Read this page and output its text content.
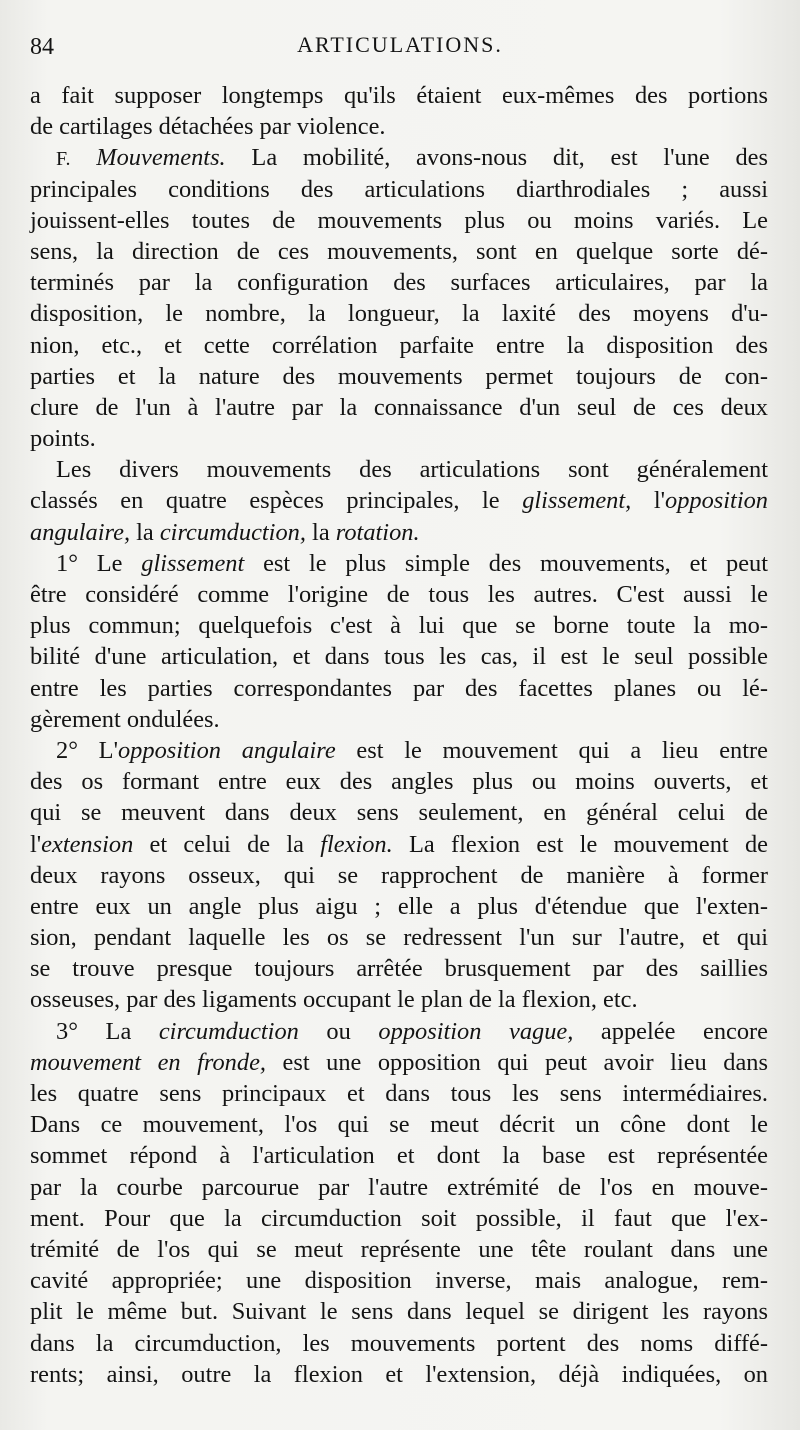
84	ARTICULATIONS.
a fait supposer longtemps qu'ils étaient eux-mêmes des portions
de cartilages détachées par violence.
F. Mouvements. La mobilité, avons-nous dit, est l'une des
principales conditions des articulations diarthrodiales ; aussi
jouissent-elles toutes de mouvements plus ou moins variés. Le
sens, la direction de ces mouvements, sont en quelque sorte dé-
terminés par la configuration des surfaces articulaires, par la
disposition, le nombre, la longueur, la laxité des moyens d'u-
nion, etc., et cette corrélation parfaite entre la disposition des
parties et la nature des mouvements permet toujours de con-
clure de l'un à l'autre par la connaissance d'un seul de ces deux
points.
Les divers mouvements des articulations sont généralement
classés en quatre espèces principales, le glissement, l'opposition
angulaire, la circumduction, la rotation.
1° Le glissement est le plus simple des mouvements, et peut
être considéré comme l'origine de tous les autres. C'est aussi le
plus commun; quelquefois c'est à lui que se borne toute la mo-
bilité d'une articulation, et dans tous les cas, il est le seul possible
entre les parties correspondantes par des facettes planes ou lé-
gèrement ondulées.
2° L'opposition angulaire est le mouvement qui a lieu entre
des os formant entre eux des angles plus ou moins ouverts, et
qui se meuvent dans deux sens seulement, en général celui de
l'extension et celui de la flexion. La flexion est le mouvement de
deux rayons osseux, qui se rapprochent de manière à former
entre eux un angle plus aigu ; elle a plus d'étendue que l'exten-
sion, pendant laquelle les os se redressent l'un sur l'autre, et qui
se trouve presque toujours arrêtée brusquement par des saillies
osseuses, par des ligaments occupant le plan de la flexion, etc.
3° La circumduction ou opposition vague, appelée encore
mouvement en fronde, est une opposition qui peut avoir lieu dans
les quatre sens principaux et dans tous les sens intermédiaires.
Dans ce mouvement, l'os qui se meut décrit un cône dont le
sommet répond à l'articulation et dont la base est représentée
par la courbe parcourue par l'autre extrémité de l'os en mouve-
ment. Pour que la circumduction soit possible, il faut que l'ex-
trémité de l'os qui se meut représente une tête roulant dans une
cavité appropriée; une disposition inverse, mais analogue, rem-
plit le même but. Suivant le sens dans lequel se dirigent les rayons
dans la circumduction, les mouvements portent des noms diffé-
rents; ainsi, outre la flexion et l'extension, déjà indiquées, on
